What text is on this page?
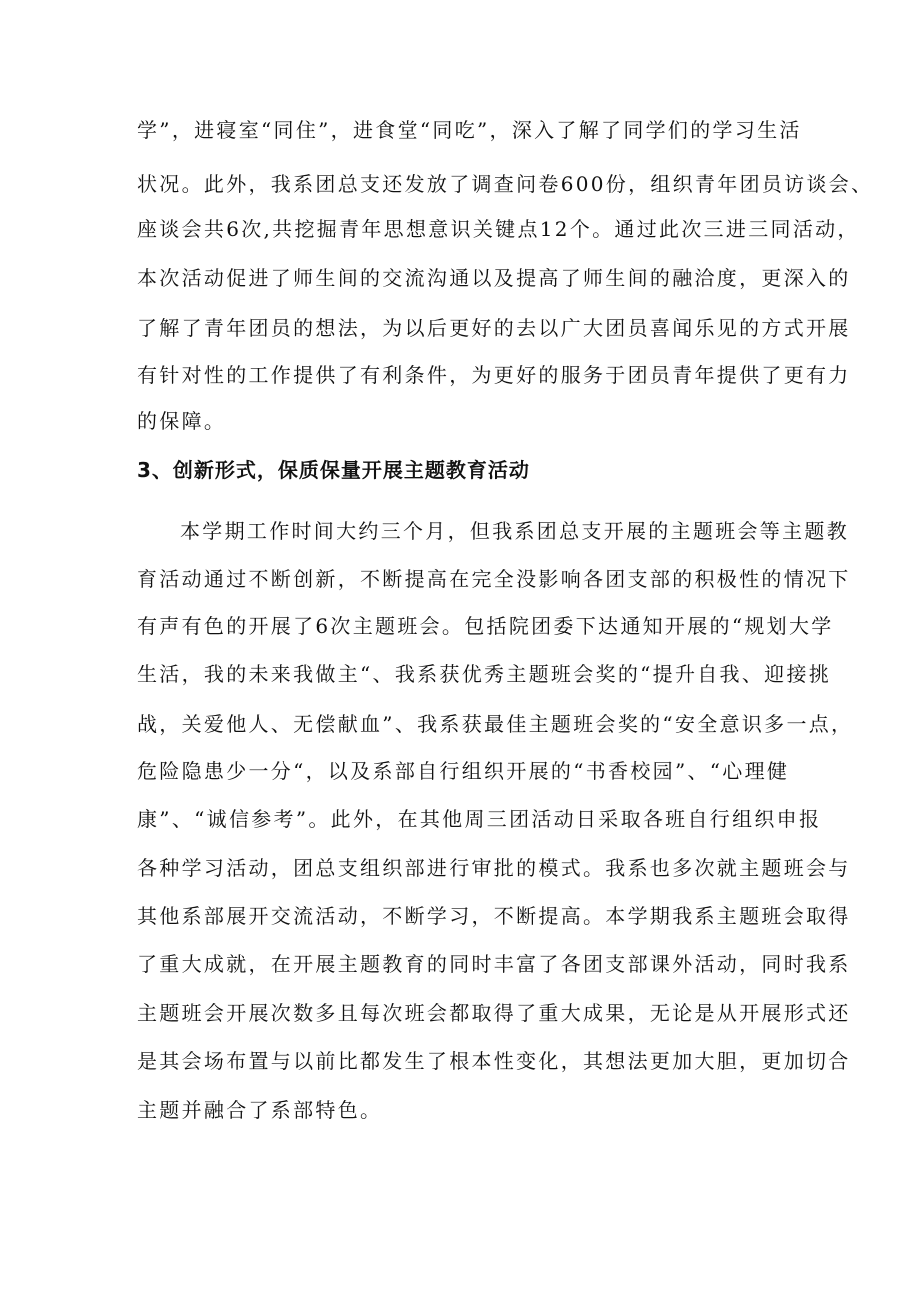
学”，进寝室“同住”，进食堂“同吃”，深入了解了同学们的学习生活
状况。此外，我系团总支还发放了调查问卷600份，组织青年团员访谈会、
座谈会共6次,共挖掘青年思想意识关键点12个。通过此次三进三同活动，
本次活动促进了师生间的交流沟通以及提高了师生间的融洽度，更深入的
了解了青年团员的想法，为以后更好的去以广大团员喜闻乐见的方式开展
有针对性的工作提供了有利条件，为更好的服务于团员青年提供了更有力
的保障。
3、创新形式，保质保量开展主题教育活动
本学期工作时间大约三个月，但我系团总支开展的主题班会等主题教
育活动通过不断创新，不断提高在完全没影响各团支部的积极性的情况下
有声有色的开展了6次主题班会。包括院团委下达通知开展的“规划大学
生活，我的未来我做主“、我系获优秀主题班会奖的“提升自我、迎接挑
战，关爱他人、无偿献血”、我系获最佳主题班会奖的“安全意识多一点，
危险隐患少一分“，以及系部自行组织开展的“书香校园”、“心理健
康”、“诚信参考”。此外，在其他周三团活动日采取各班自行组织申报
各种学习活动，团总支组织部进行审批的模式。我系也多次就主题班会与
其他系部展开交流活动，不断学习，不断提高。本学期我系主题班会取得
了重大成就，在开展主题教育的同时丰富了各团支部课外活动，同时我系
主题班会开展次数多且每次班会都取得了重大成果，无论是从开展形式还
是其会场布置与以前比都发生了根本性变化，其想法更加大胆，更加切合
主题并融合了系部特色。
